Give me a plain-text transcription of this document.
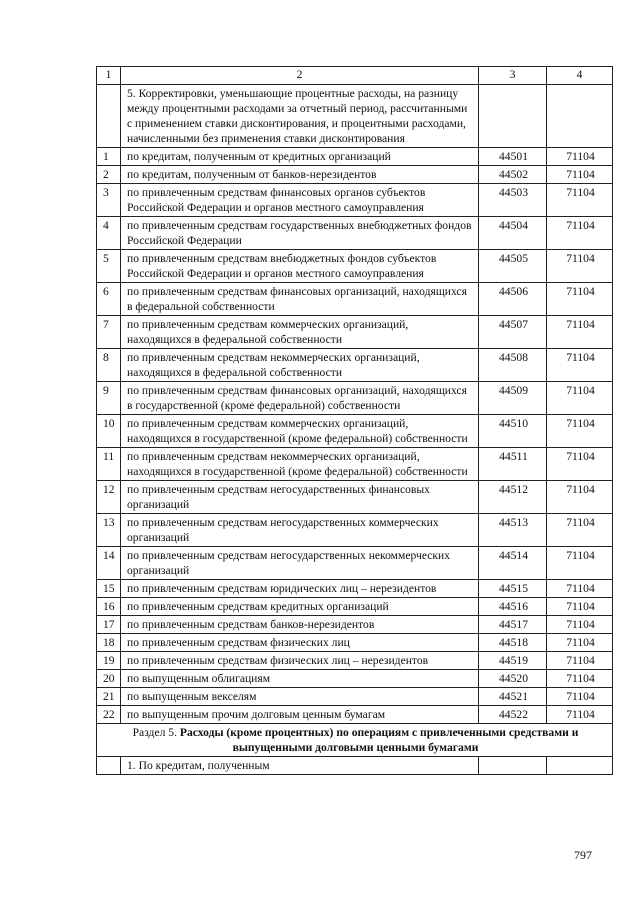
1	2	3	4
	5. Корректировки, уменьшающие процентные расходы, на разницу между процентными расходами за отчетный период, рассчитанными с применением ставки дисконтирования, и процентными расходами, начисленными без применения ставки дисконтирования		
1	по кредитам, полученным от кредитных организаций	44501	71104
2	по кредитам, полученным от банков-нерезидентов	44502	71104
3	по привлеченным средствам финансовых органов субъектов Российской Федерации и органов местного самоуправления	44503	71104
4	по привлеченным средствам государственных внебюджетных фондов Российской Федерации	44504	71104
5	по привлеченным средствам внебюджетных фондов субъектов Российской Федерации и органов местного самоуправления	44505	71104
6	по привлеченным средствам финансовых организаций, находящихся в федеральной собственности	44506	71104
7	по привлеченным средствам коммерческих организаций, находящихся в федеральной собственности	44507	71104
8	по привлеченным средствам некоммерческих организаций, находящихся в федеральной собственности	44508	71104
9	по привлеченным средствам финансовых организаций, находящихся в государственной (кроме федеральной) собственности	44509	71104
10	по привлеченным средствам коммерческих организаций, находящихся в государственной (кроме федеральной) собственности	44510	71104
11	по привлеченным средствам некоммерческих организаций, находящихся в государственной (кроме федеральной) собственности	44511	71104
12	по привлеченным средствам негосударственных финансовых организаций	44512	71104
13	по привлеченным средствам негосударственных коммерческих организаций	44513	71104
14	по привлеченным средствам негосударственных некоммерческих организаций	44514	71104
15	по привлеченным средствам юридических лиц – нерезидентов	44515	71104
16	по привлеченным средствам кредитных организаций	44516	71104
17	по привлеченным средствам банков-нерезидентов	44517	71104
18	по привлеченным средствам физических лиц	44518	71104
19	по привлеченным средствам физических лиц – нерезидентов	44519	71104
20	по выпущенным облигациям	44520	71104
21	по выпущенным векселям	44521	71104
22	по выпущенным прочим долговым ценным бумагам	44522	71104
Раздел 5. Расходы (кроме процентных) по операциям с привлеченными средствами и выпущенными долговыми ценными бумагами			
	1. По кредитам, полученным		
797
